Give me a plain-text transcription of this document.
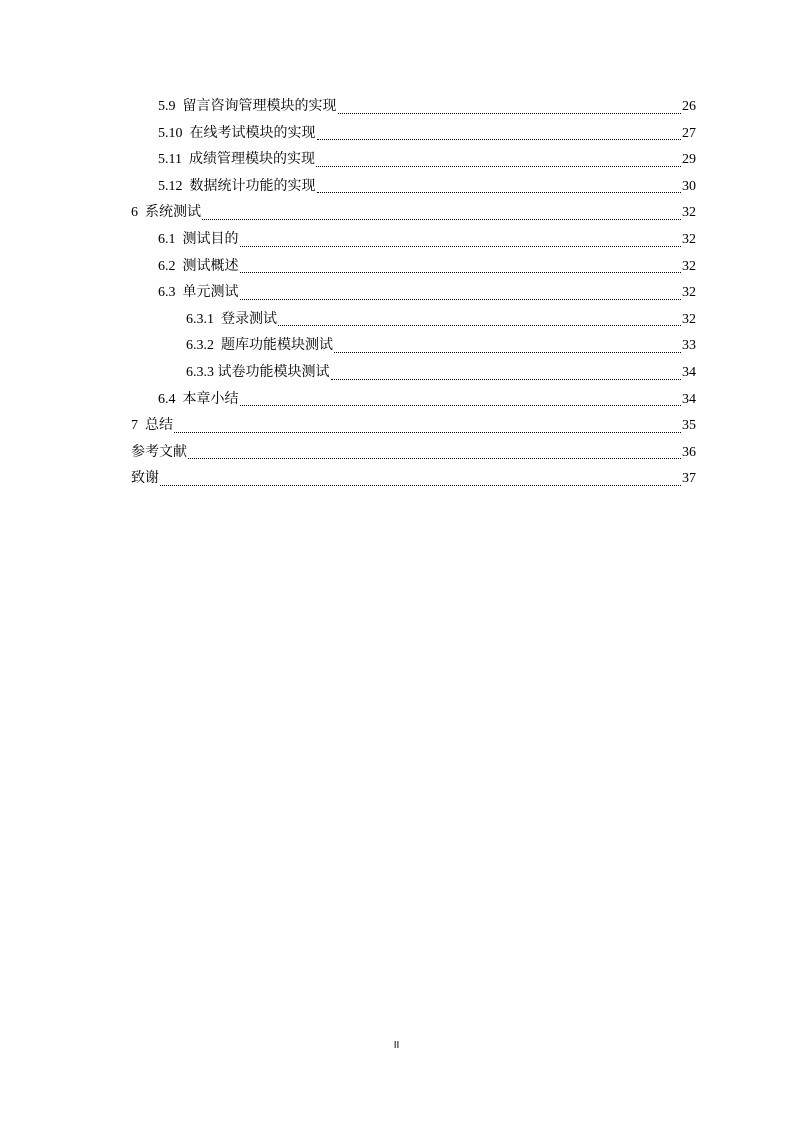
5.9 留言咨询管理模块的实现	26
5.10 在线考试模块的实现	27
5.11 成绩管理模块的实现	29
5.12 数据统计功能的实现	30
6 系统测试	32
6.1 测试目的	32
6.2 测试概述	32
6.3 单元测试	32
6.3.1 登录测试	32
6.3.2 题库功能模块测试	33
6.3.3 试卷功能模块测试	34
6.4 本章小结	34
7 总结	35
参考文献	36
致谢	37
II
